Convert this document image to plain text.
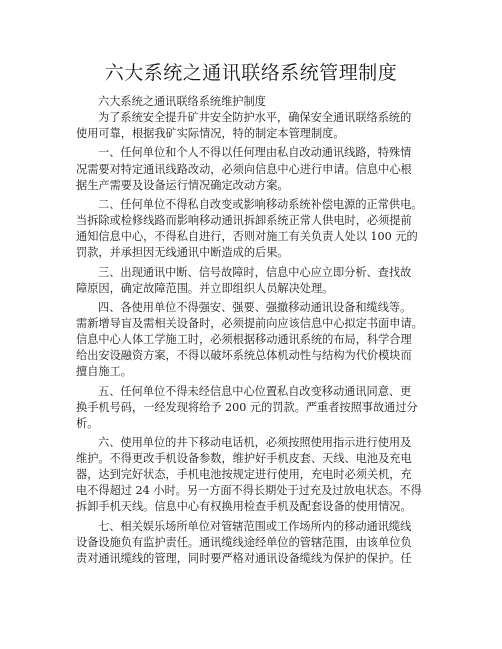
六大系统之通讯联络系统管理制度
六大系统之通讯联络系统维护制度
为了系统安全提升矿井安全防护水平，确保安全通讯联络系统的
使用可靠，根据我矿实际情况，特的制定本管理制度。
一、任何单位和个人不得以任何理由私自改动通讯线路，特殊情
况需要对特定通讯线路改动，必须向信息中心进行申请。信息中心根
据生产需要及设备运行情况确定改动方案。
二、任何单位不得私自改变或影响移动系统补偿电源的正常供电。
当拆除或检修线路而影响移动通讯拆卸系统正常人供电时，必须提前
通知信息中心，不得私自进行，否则对施工有关负责人处以 100 元的
罚款，并承担因无线通讯中断造成的后果。
三、出现通讯中断、信号故障时，信息中心应立即分析、查找故
障原因，确定故障范围。并立即组织人员解决处理。
四、各使用单位不得强安、强要、强撤移动通讯设备和缆线等。
需新增导盲及需相关设备时，必须提前向应该信息中心拟定书面申请。
信息中心人体工学施工时，必须根据移动通讯系统的布局，科学合理
给出安设融资方案，不得以破坏系统总体机动性与结构为代价模块而
擅自施工。
五、任何单位不得未经信息中心位置私自改变移动通讯同意、更
换手机号码，一经发现将给予 200 元的罚款。严重者按照事故通过分
析。
六、使用单位的井下移动电话机，必须按照使用指示进行使用及
维护。不得更改手机设备参数，维护好手机皮套、天线、电池及充电
器，达到完好状态，手机电池按规定进行使用，充电时必须关机，充
电不得超过 24 小时。另一方面不得长期处于过充及过放电状态。不得
拆卸手机天线。信息中心有权换用检查手机及配套设备的使用情况。
七、相关娱乐场所单位对管辖范围或工作场所内的移动通讯缆线
设备设施负有监护责任。通讯缆线途经单位的管辖范围，由该单位负
责对通讯缆线的管理，同时要严格对通讯设备缆线为保护的保护。任
